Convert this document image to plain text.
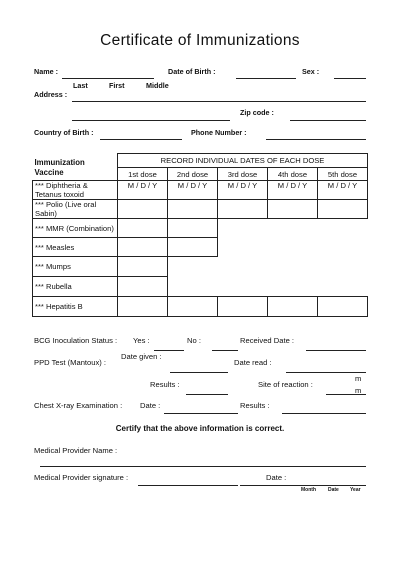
Certificate of Immunizations
Name :	Date of Birth :	Sex :
Last	First	Middle
Address :
Zip code :
Country of Birth :	Phone Number :
Immunization Vaccine	RECORD INDIVIDUAL DATES OF EACH DOSE				
	1st dose	2nd dose	3rd dose	4th dose	5th dose
*** Diphtheria & Tetanus toxoid	M / D / Y	M / D / Y	M / D / Y	M / D / Y	M / D / Y
*** Polio (Live oral Sabin)					
*** MMR (Combination)					
*** Measles					
*** Mumps					
*** Rubella					
*** Hepatitis B					
BCG Inoculation Status : Yes :	No :	Received Date :
PPD Test (Mantoux) :
Date given :
Date read :
m
Results :	Site of reaction :
m
Chest X-ray Examination : Date :	Results :
Certify that the above information is correct.
Medical Provider Name :
Medical Provider signature :	Date :
Month Date Year
